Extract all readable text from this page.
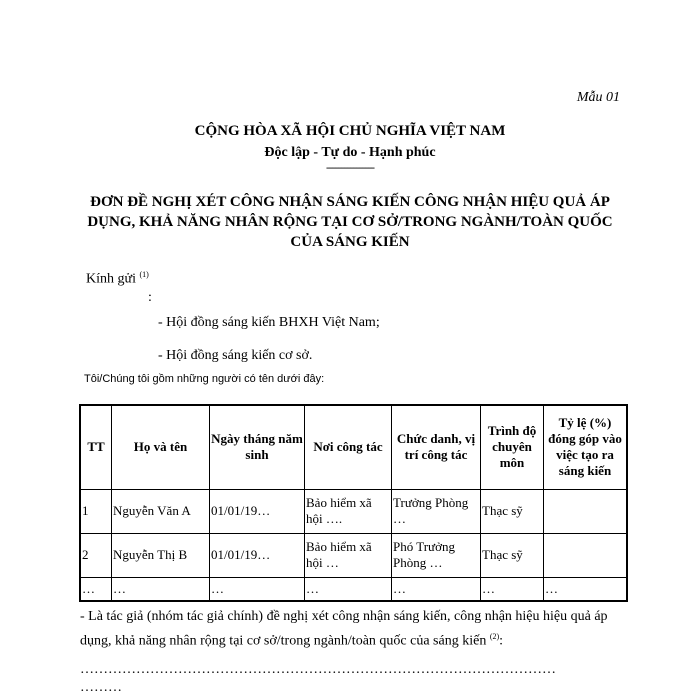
Mẫu 01
CỘNG HÒA XÃ HỘI CHỦ NGHĨA VIỆT NAM
Độc lập - Tự do - Hạnh phúc
----------------
ĐƠN ĐỀ NGHỊ XÉT CÔNG NHẬN SÁNG KIẾN CÔNG NHẬN HIỆU QUẢ ÁP
DỤNG, KHẢ NĂNG NHÂN RỘNG TẠI CƠ SỞ/TRONG NGÀNH/TOÀN QUỐC
CỦA SÁNG KIẾN
Kính gửi $^{(1)}$
:
- Hội đồng sáng kiến BHXH Việt Nam;
- Hội đồng sáng kiến cơ sở.
Tôi/Chúng tôi gồm những người có tên dưới đây:
TT	Họ và tên	Ngày tháng năm sinh	Nơi công tác	Chức danh, vị trí công tác	Trình độ chuyên môn	Tỷ lệ (%) đóng góp vào việc tạo ra sáng kiến
1	Nguyễn Văn A	01/01/19…	Bảo hiểm xã hội ….	Trưởng Phòng …	Thạc sỹ	
2	Nguyễn Thị B	01/01/19…	Bảo hiểm xã hội …	Phó Trưởng Phòng …	Thạc sỹ	
…	…	…	…	…	…	…
- Là tác giả (nhóm tác giả chính) đề nghị xét công nhận sáng kiến, công nhận hiệu hiệu quả áp dụng, khả năng nhân rộng tại cơ sở/trong ngành/toàn quốc của sáng kiến $^{(2)}$:
…………………………………………………………………………………………
………
